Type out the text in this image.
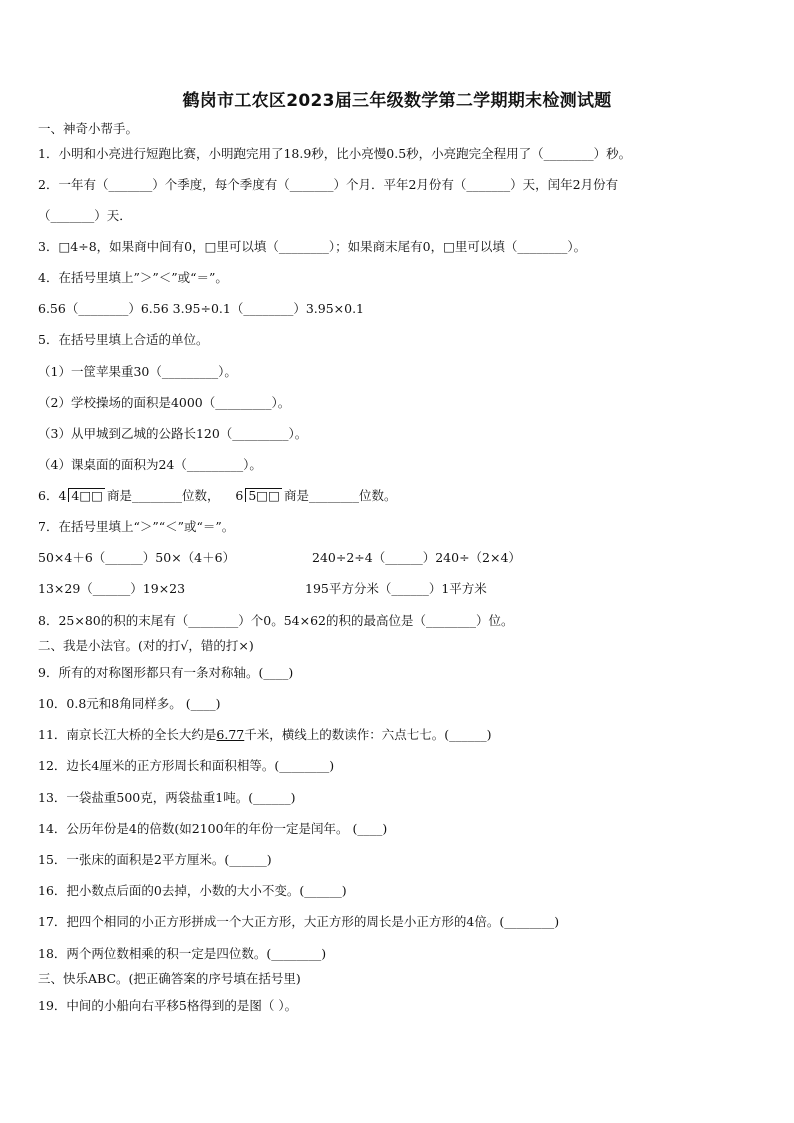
鹤岗市工农区2023届三年级数学第二学期期末检测试题
一、神奇小帮手。
1．小明和小亮进行短跑比赛，小明跑完用了18.9秒，比小亮慢0.5秒，小亮跑完全程用了（________）秒。
2．一年有（_______）个季度，每个季度有（_______）个月．平年2月份有（_______）天，闰年2月份有
（_______）天．
3．□4÷8，如果商中间有0，□里可以填（________）；如果商末尾有0，□里可以填（________）。
4．在括号里填上”＞”＜”或“＝”。
6.56（________）6.56 3.95÷0.1（________）3.95×0.1
5．在括号里填上合适的单位。
（1）一筐苹果重30（_________）。
（2）学校操场的面积是4000（_________）。
（3）从甲城到乙城的公路长120（_________）。
（4）课桌面的面积为24（_________）。
6．4 4□□ 商是________位数， 6 5□□ 商是________位数。
7．在括号里填上“＞”“＜”或“＝”。
50×4＋6（______）50×（4＋6）	240÷2÷4（______）240÷（2×4）
13×29（______）19×23	195平方分米（______）1平方米
8．25×80的积的末尾有（________）个0。54×62的积的最高位是（________）位。
二、我是小法官。(对的打√，错的打×)
9．所有的对称图形都只有一条对称轴。(____)
10．0.8元和8角同样多。 (____)
11．南京长江大桥的全长大约是6.77千米，横线上的数读作：六点七七。(______)
12．边长4厘米的正方形周长和面积相等。(________)
13．一袋盐重500克，两袋盐重1吨。(______)
14．公历年份是4的倍数(如2100年的年份一定是闰年。 (____)
15．一张床的面积是2平方厘米。(______)
16．把小数点后面的0去掉，小数的大小不变。(______)
17．把四个相同的小正方形拼成一个大正方形，大正方形的周长是小正方形的4倍。(________)
18．两个两位数相乘的积一定是四位数。(________)
三、快乐ABC。(把正确答案的序号填在括号里)
19．中间的小船向右平移5格得到的是图（ ）。
